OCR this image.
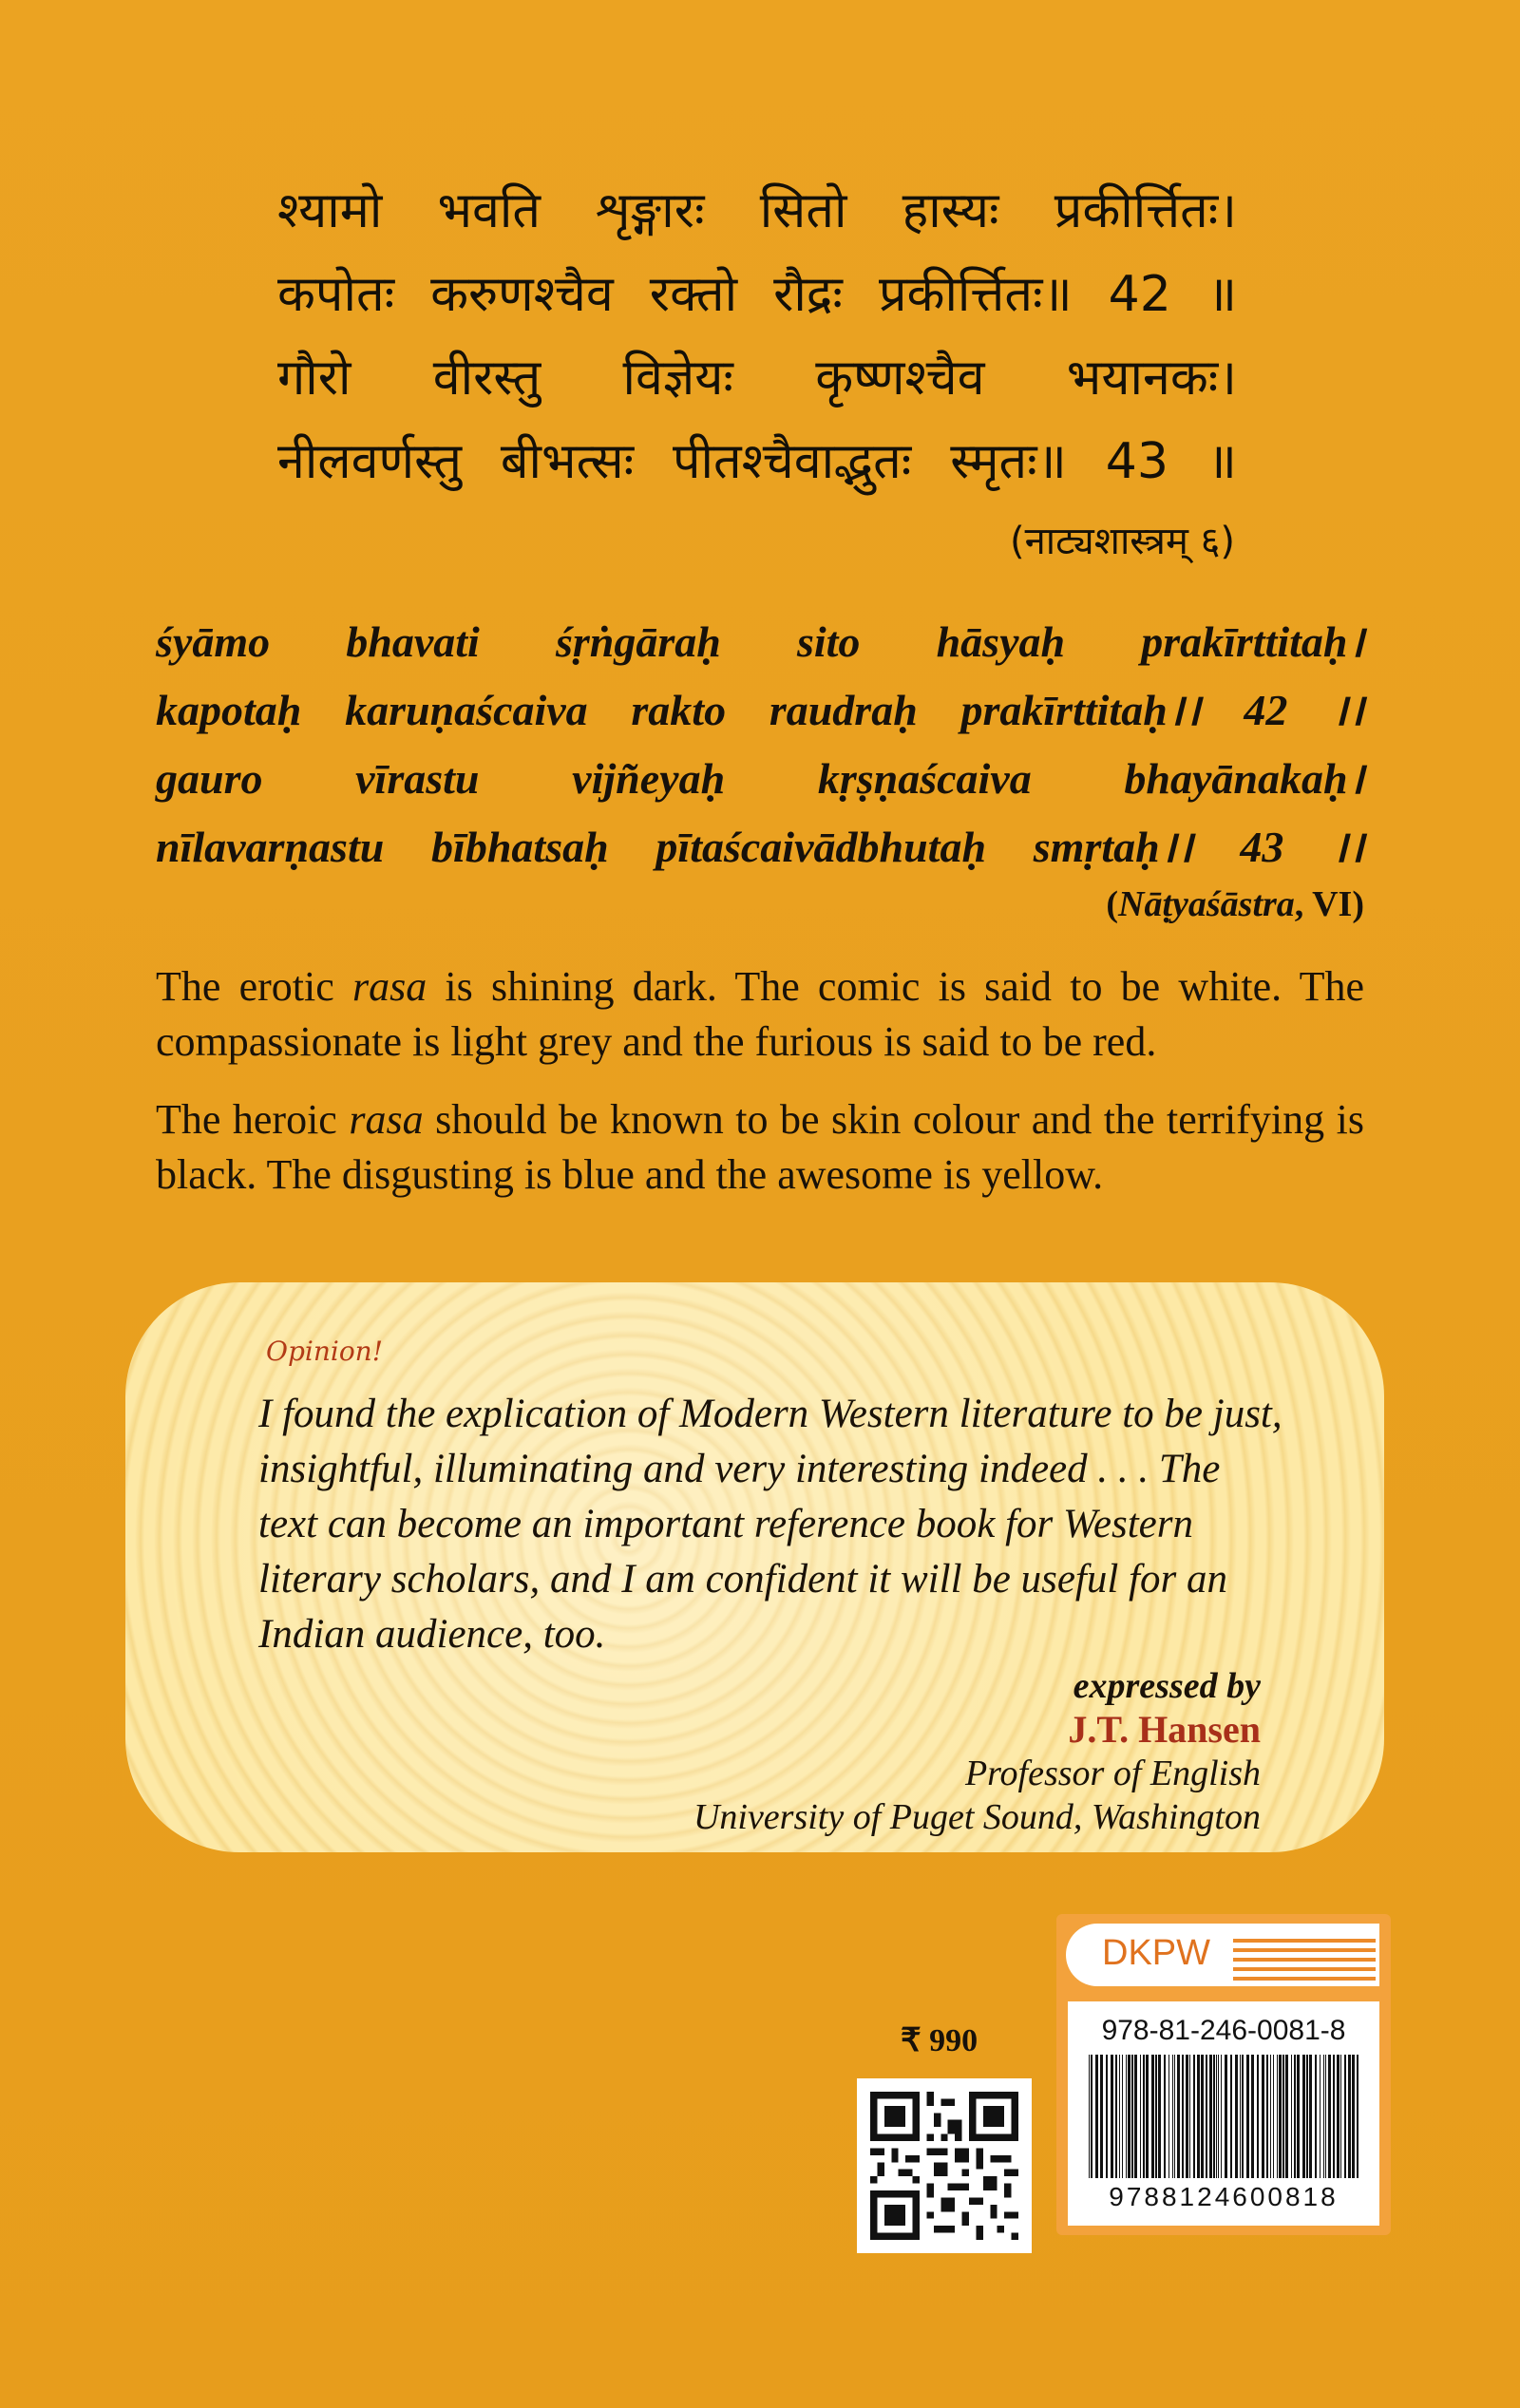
श्यामो भवति शृङ्गारः सितो हास्यः प्रकीर्त्तितः।
कपोतः करुणश्चैव रक्तो रौद्रः प्रकीर्त्तितः॥ 42 ॥
गौरो वीरस्तु विज्ञेयः कृष्णश्चैव भयानकः।
नीलवर्णस्तु बीभत्सः पीतश्चैवाद्भुतः स्मृतः॥ 43 ॥
(नाट्यशास्त्रम् ६)
śyāmo bhavati śṛṅgāraḥ sito hāsyaḥ prakīrttitaḥ।
kapotaḥ karuṇaścaiva rakto raudraḥ prakīrttitaḥ।। 42 ।।
gauro vīrastu vijñeyaḥ kṛṣṇaścaiva bhayānakaḥ।
nīlavarṇastu bībhatsaḥ pītaścaivādbhutaḥ smṛtaḥ।। 43 ।।
(Nāṭyaśāstra, VI)
The erotic rasa is shining dark. The comic is said to be white. The compassionate is light grey and the furious is said to be red.
The heroic rasa should be known to be skin colour and the terrifying is black. The disgusting is blue and the awesome is yellow.
Opinion!
I found the explication of Modern Western literature to be just, insightful, illuminating and very interesting indeed . . . The text can become an important reference book for Western literary scholars, and I am confident it will be useful for an Indian audience, too.
expressed by
J.T. Hansen
Professor of English
University of Puget Sound, Washington
₹ 990
DKPW
978-81-246-0081-8
9788124600818
